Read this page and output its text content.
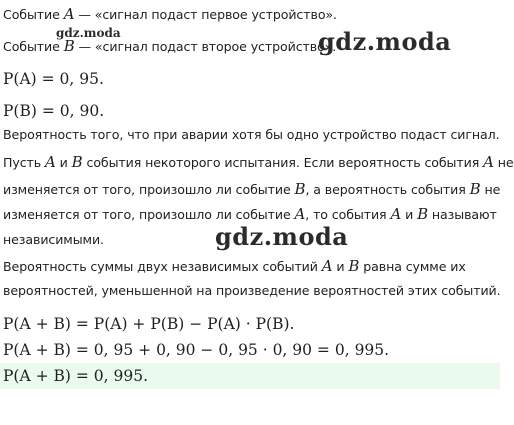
Событие A — «сигнал подаст первое устройство».
Событие B — «сигнал подаст второе устройство».
P(A) = 0, 95.
P(B) = 0, 90.
Вероятность того, что при аварии хотя бы одно устройство подаст сигнал.
Пусть A и B события некоторого испытания. Если вероятность события A не
изменяется от того, произошло ли событие B, а вероятность события B не
изменяется от того, произошло ли событие A, то события A и B называют
независимыми.
Вероятность суммы двух независимых событий A и B равна сумме их
вероятностей, уменьшенной на произведение вероятностей этих событий.
P(A + B) = P(A) + P(B) − P(A) · P(B).
P(A + B) = 0, 95 + 0, 90 − 0, 95 · 0, 90 = 0, 995.
P(A + B) = 0, 995.
gdz.moda	gdz.moda
gdz.moda
